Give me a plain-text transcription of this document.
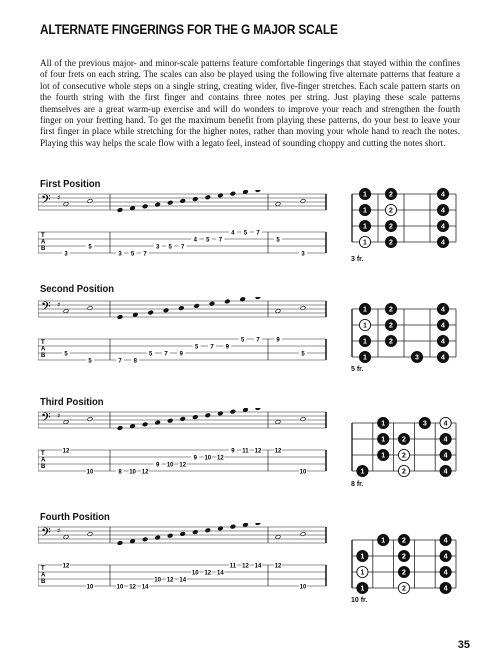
ALTERNATE FINGERINGS FOR THE G MAJOR SCALE
All of the previous major- and minor-scale patterns feature comfortable fingerings that stayed within the confines of four frets on each string. The scales can also be played using the following five alternate patterns that feature a lot of consecutive whole steps on a single string, creating wider, five-finger stretches. Each scale pattern starts on the fourth string with the first finger and contains three notes per string. Just playing these scale patterns themselves are a great warm-up exercise and will do wonders to improve your reach and strengthen the fourth finger on your fretting hand. To get the maximum benefit from playing these patterns, do your best to leave your first finger in place while stretching for the higher notes, rather than moving your whole hand to reach the notes. Playing this way helps the scale flow with a legato feel, instead of sounding choppy and cutting the notes short.
First Position
𝄢 ♯
T
A
B
3
5
3 5 7
3 5 7
4 5 7
4 5 7
5
3
1	2	4
1	2	4
1	2	4
1	2	4
3 fr.
Second Position
𝄢 ♯
T
A
B	5
5	7 8
5 7 9
5 7 9
5 7	9
5
1	2	4
1	2	4
1	2	4
1	3	4
5 fr.
Third Position
𝄢 ♯
T
A
B
12
10	8 10 12
9 10 12
9 10 12
9 11 12 12
10
1	3 4
1 2	4
1 2	4
1	2	4
8 fr.
Fourth Position
𝄢 ♯
T
A
B
12
10	10 12 14
10 12 14
10 12 14
11 12 14 12
10
1 2	4
1	2	4
1	2	4
1	2	4
10 fr.
35
